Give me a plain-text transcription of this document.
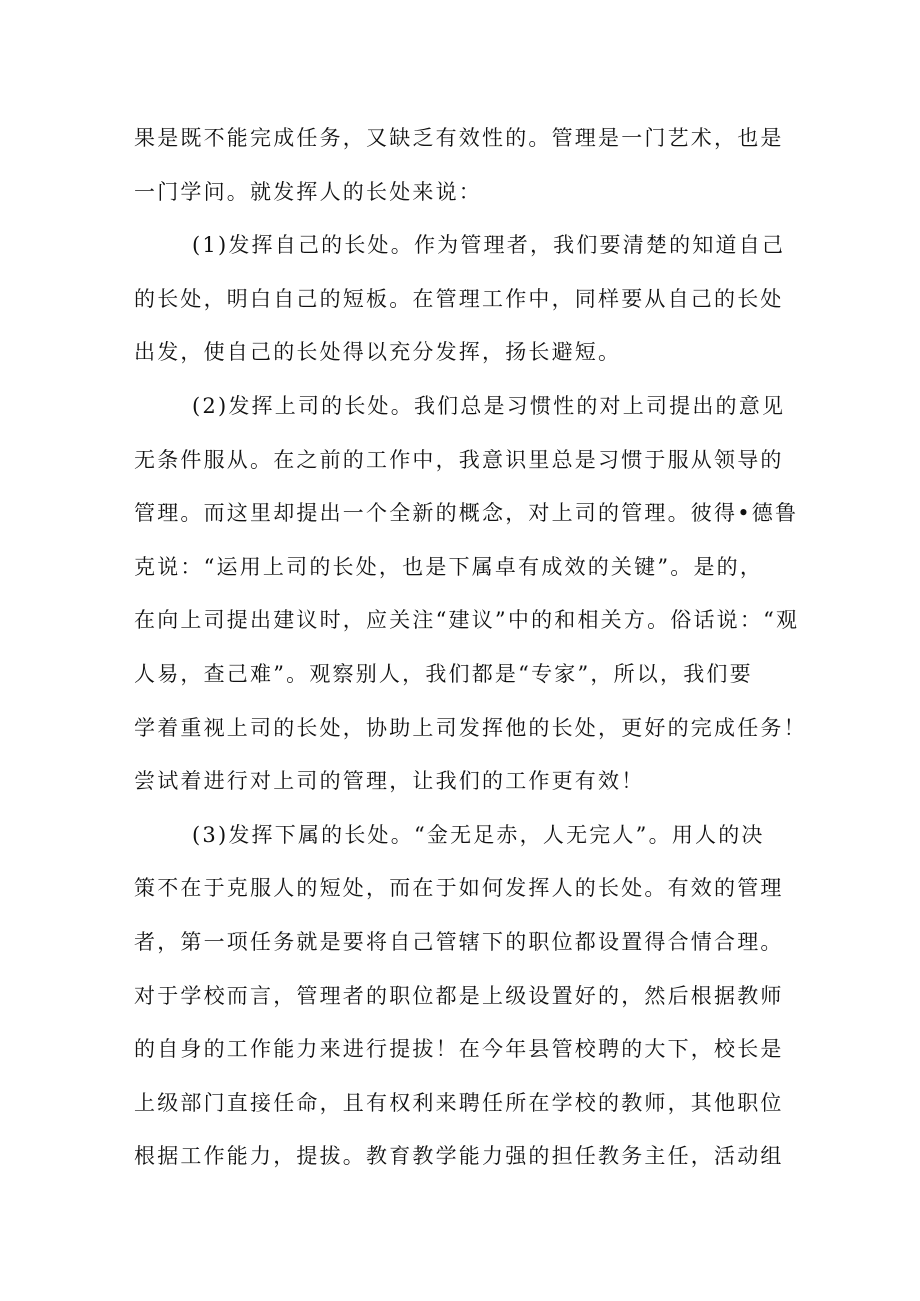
果是既不能完成任务，又缺乏有效性的。管理是一门艺术，也是
一门学问。就发挥人的长处来说：
(1)发挥自己的长处。作为管理者，我们要清楚的知道自己
的长处，明白自己的短板。在管理工作中，同样要从自己的长处
出发，使自己的长处得以充分发挥，扬长避短。
(2)发挥上司的长处。我们总是习惯性的对上司提出的意见
无条件服从。在之前的工作中，我意识里总是习惯于服从领导的
管理。而这里却提出一个全新的概念，对上司的管理。彼得•德鲁
克说：“运用上司的长处，也是下属卓有成效的关键”。是的，
在向上司提出建议时，应关注“建议”中的和相关方。俗话说：“观
人易，查己难”。观察别人，我们都是“专家”，所以，我们要
学着重视上司的长处，协助上司发挥他的长处，更好的完成任务！
尝试着进行对上司的管理，让我们的工作更有效！
(3)发挥下属的长处。“金无足赤，人无完人”。用人的决
策不在于克服人的短处，而在于如何发挥人的长处。有效的管理
者，第一项任务就是要将自己管辖下的职位都设置得合情合理。
对于学校而言，管理者的职位都是上级设置好的，然后根据教师
的自身的工作能力来进行提拔！在今年县管校聘的大下，校长是
上级部门直接任命，且有权利来聘任所在学校的教师，其他职位
根据工作能力，提拔。教育教学能力强的担任教务主任，活动组
